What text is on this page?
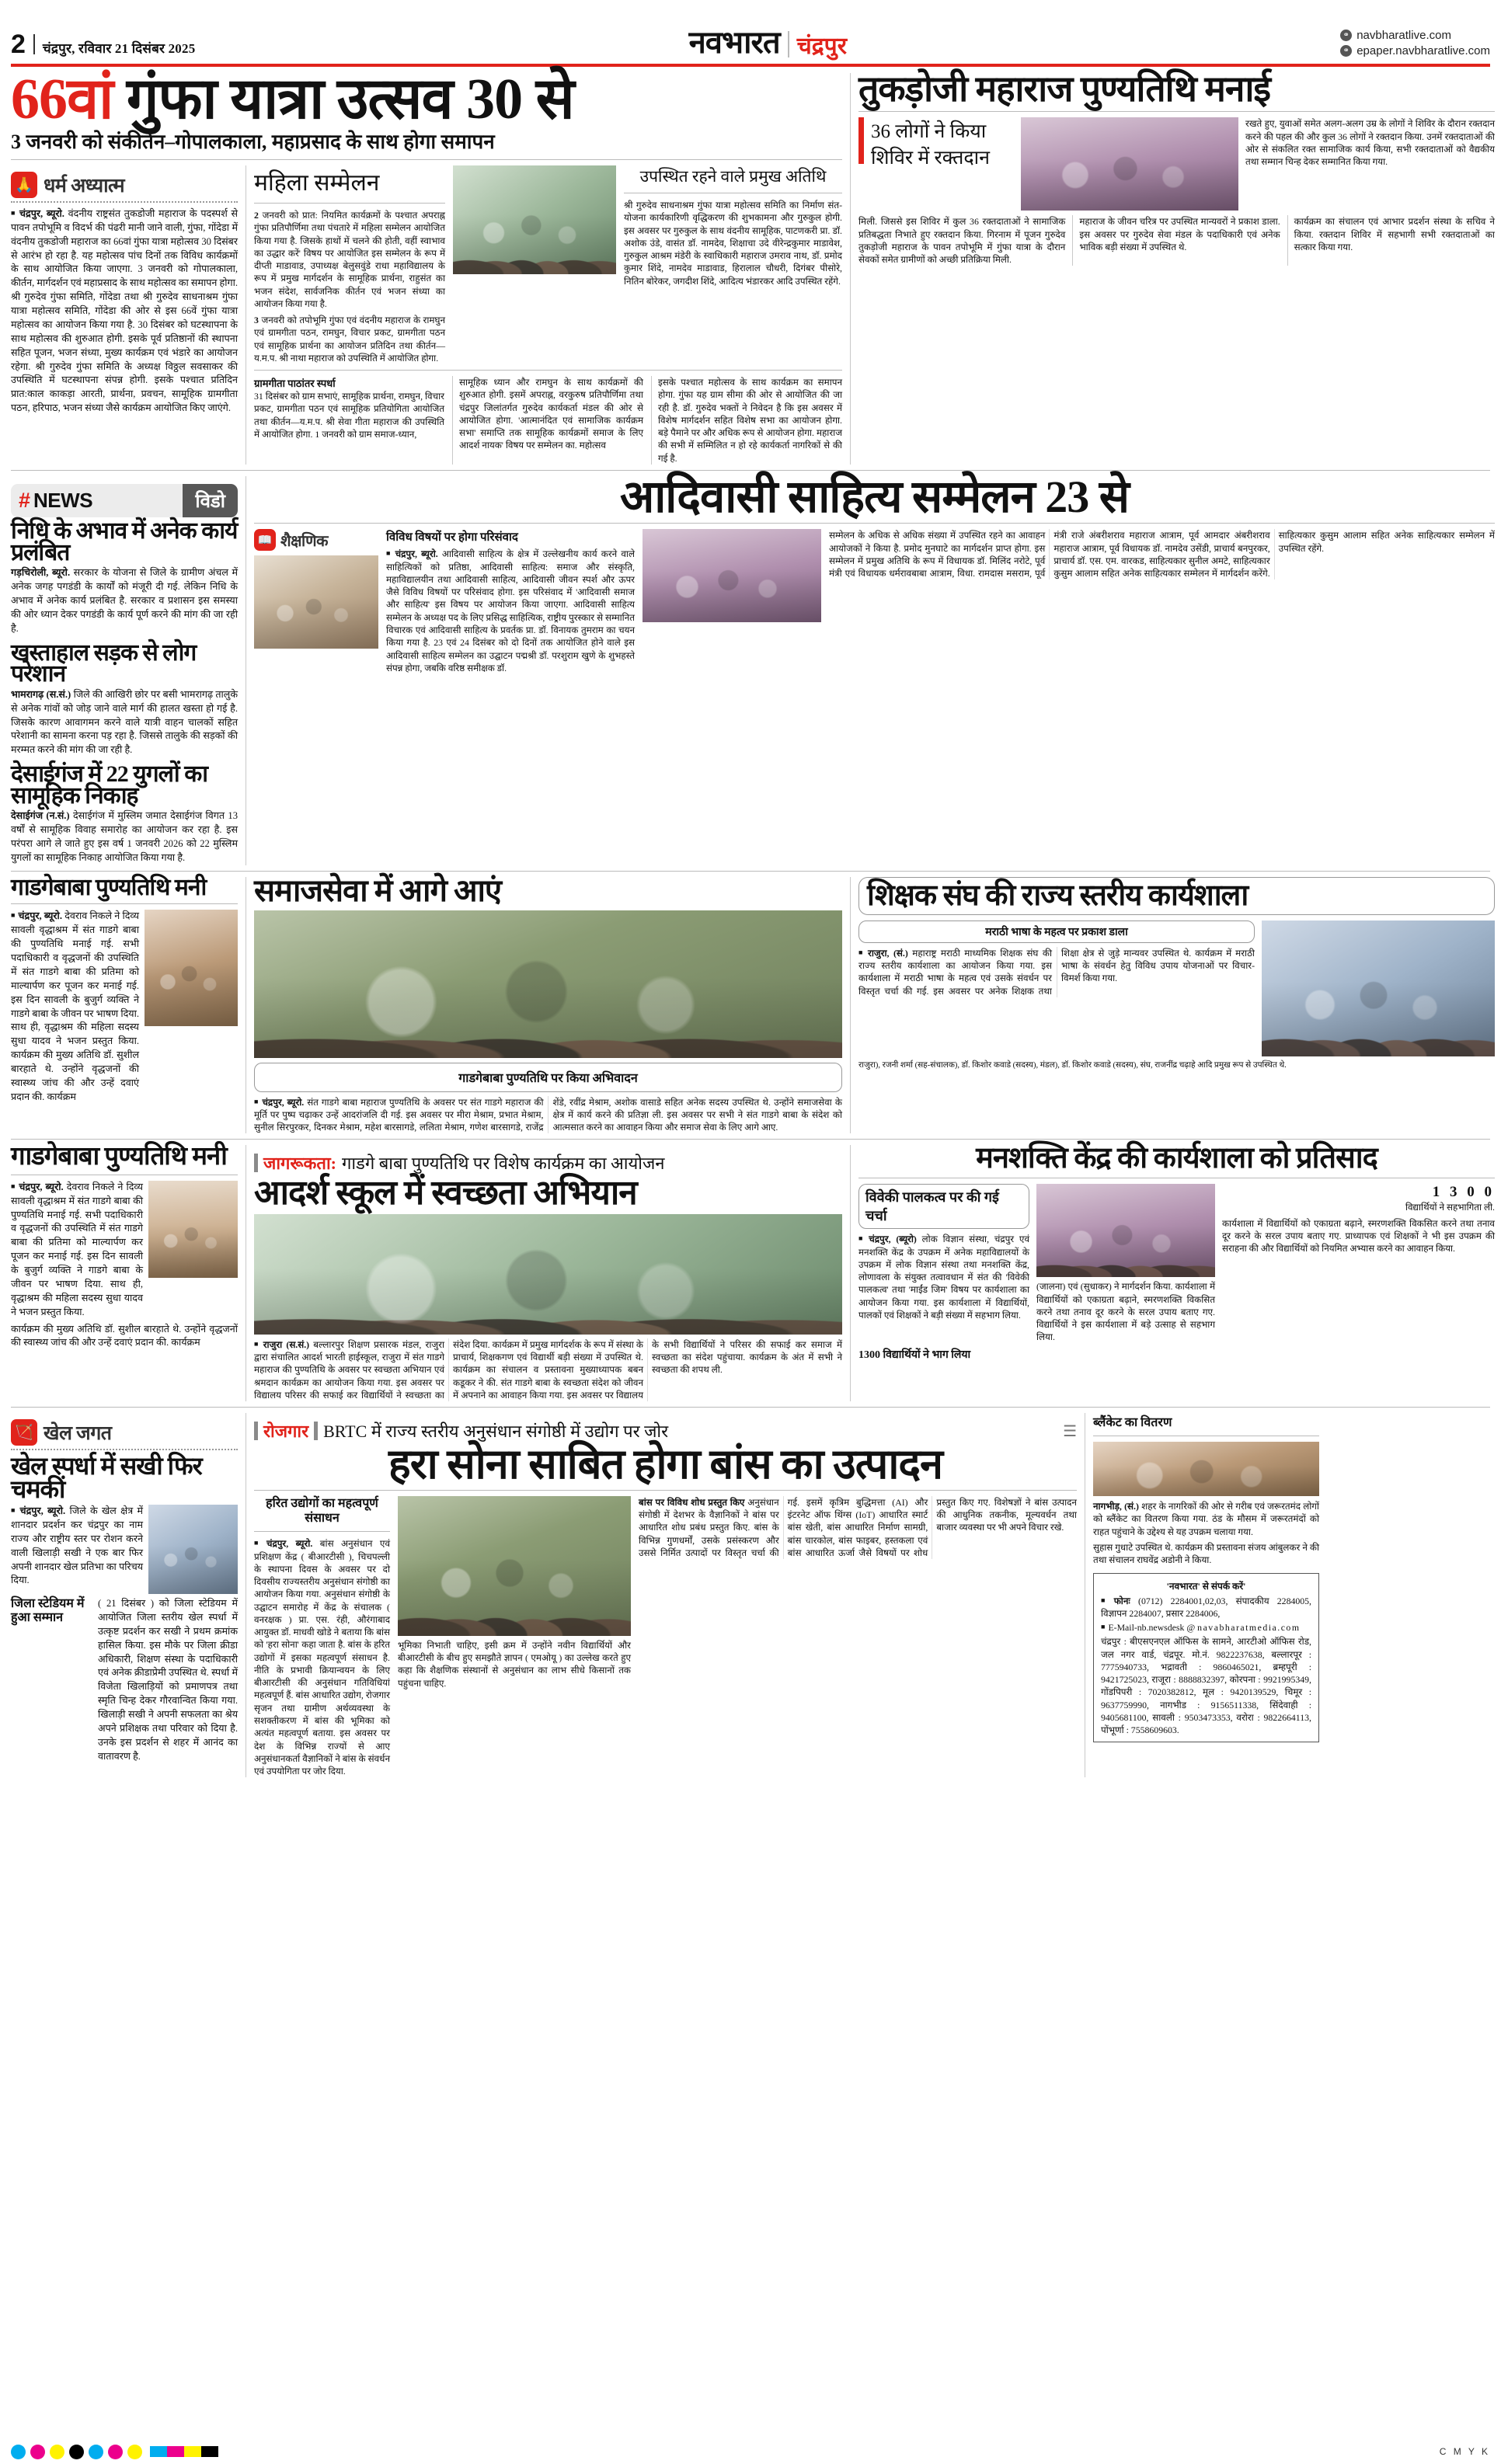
2 चंद्रपुर, रविवार 21 दिसंबर 2025	नवभारत चंद्रपुर	⚭ navbharatlive.com
⚭ epaper.navbharatlive.com
66वां गुंफा यात्रा उत्सव 30 से
3 जनवरी को संकीर्तन–गोपालकाला, महाप्रसाद के साथ होगा समापन
🙏 धर्म अध्यात्म

■ चंद्रपुर, ब्यूरो. वंदनीय राष्ट्रसंत तुकडोजी महाराज के पदस्पर्श से पावन तपोभूमि व विदर्भ की पंढरी मानी जाने वाली, गुंफा, गोंदेडा में वंदनीय तुकडोजी महाराज का 66वां गुंफा यात्रा महोत्सव 30 दिसंबर से आरंभ हो रहा है. यह महोत्सव पांच दिनों तक विविध कार्यक्रमों के साथ आयोजित किया जाएगा. 3 जनवरी को गोपालकाला, कीर्तन, मार्गदर्शन एवं महाप्रसाद के साथ महोत्सव का समापन होगा. श्री गुरुदेव गुंफा समिति, गोंदेडा तथा श्री गुरुदेव साधनाश्रम गुंफा यात्रा महोत्सव समिति, गोंदेडा की ओर से इस 66वें गुंफा यात्रा महोत्सव का आयोजन किया गया है. 30 दिसंबर को घटस्थापना के साथ महोत्सव की शुरुआत होगी. इसके पूर्व प्रतिष्ठानों की स्थापना सहित पूजन, भजन संध्या, मुख्य कार्यक्रम एवं भंडारे का आयोजन रहेगा. श्री गुरुदेव गुंफा समिति के अध्यक्ष विठ्ठल सवसाकर की उपस्थिति में घटस्थापना संपन्न होगी. इसके पश्चात प्रतिदिन प्रात:काल काकड़ा आरती, प्रार्थना, प्रवचन, सामूहिक ग्रामगीता पठन, हरिपाठ, भजन संध्या जैसे कार्यक्रम आयोजित किए जाएंगे.

महिला सम्मेलन

2 जनवरी को प्रात: नियमित कार्यक्रमों के पश्चात अपराह्न गुंफा प्रतिपौर्णिमा तथा पंचतारे में महिला सम्मेलन आयोजित किया गया है. जिसके हाथों में चलने की होती, वहीं स्वाभाव का उद्धार करें' विषय पर आयोजित इस सम्मेलन के रूप में दीप्ती माडावाड, उपाध्यक्ष बेलुसवुंडे राधा महाविद्यालय के रूप में प्रमुख मार्गदर्शन के सामूहिक प्रार्थना, राहुसंत का भजन संदेश, सार्वजनिक कीर्तन एवं भजन संध्या का आयोजन किया गया है.

3 जनवरी को तपोभूमि गुंफा एवं वंदनीय महाराज के रामघुन एवं ग्रामगीता पठन, रामघुन, विचार प्रकट, ग्रामगीता पठन एवं सामूहिक प्रार्थना का आयोजन प्रतिदिन तथा कीर्तन—य.म.प. श्री नाथा महाराज को उपस्थिति में आयोजित होगा.

उपस्थित रहने वाले प्रमुख अतिथि

श्री गुरुदेव साधनाश्रम गुंफा यात्रा महोत्सव समिति का निर्माण संत-योजना कार्यकारिणी वृद्धिकरण की शुभकामना और गुरुकुल होगी. इस अवसर पर गुरुकुल के साथ वंदनीय सामूहिक, पाटणकरी प्रा. डॉ. अशोक उंडे, वासंत डॉ. नामदेव, शिक्षाचा उदे वीरेन्द्रकुमार माडावेश, गुरुकुल आश्रम मंडेरी के स्वाधिकारी महाराज उमराव नाथ, डॉ. प्रमोद कुमार शिंदे, नामदेव माडावाड, हिरालाल चौधरी, दिगंबर पीसोरे, नितिन बोरेकर, जगदीश शिंदे, आदित्य भंडारकर आदि उपस्थित रहेंगे.

ग्रामगीता पाठांतर स्पर्धा

31 दिसंबर को ग्राम सभाएं, सामूहिक प्रार्थना, रामघुन, विचार प्रकट, ग्रामगीता पठन एवं सामूहिक प्रतियोगिता आयोजित तथा कीर्तन—य.म.प. श्री सेवा गीता महाराज की उपस्थिति में आयोजित होगा. 1 जनवरी को ग्राम समाज-ध्यान,

सामूहिक ध्यान और रामघुन के साथ कार्यक्रमों की शुरुआत होगी. इसमें अपराह्न, वरकुरुष प्रतिपौर्णिमा तथा चंद्रपुर जिलांतर्गत गुरुदेव कार्यकर्ता मंडल की ओर से आयोजित होगा. 'आत्मानंदित एवं सामाजिक कार्यक्रम सभा' समाप्ति तक सामूहिक कार्यक्रमों समाज के लिए आदर्श नायक' विषय पर सम्मेलन का. महोत्सव

इसके पश्चात महोत्सव के साथ कार्यक्रम का समापन होगा. गुंफा यह ग्राम सीमा की ओर से आयोजित की जा रही है. डॉ. गुरुदेव भक्तों ने निवेदन है कि इस अवसर में विशेष मार्गदर्शन सहित विशेष सभा का आयोजन होगा. बड़े पैमाने पर और अधिक रूप से आयोजन होगा. महाराज की सभी में सम्मिलित न हो रहे कार्यकर्ता नागरिकों से की गई है.

तुकड़ोजी महाराज पुण्यतिथि मनाई
36 लोगों ने किया शिविर में रक्तदान

रखते हुए, युवाओं समेत अलग-अलग उम्र के लोगों ने शिविर के दौरान रक्तदान करने की पहल की और कुल 36 लोगों ने रक्तदान किया. उनमें रक्तदाताओं की ओर से संकलित रक्त सामाजिक कार्य किया, सभी रक्तदाताओं को वैद्यकीय तथा सम्मान चिन्ह देकर सम्मानित किया गया.

मिली. जिससे इस शिविर में कुल 36 रक्तदाताओं ने सामाजिक प्रतिबद्धता निभाते हुए रक्तदान किया. गिरनाम में पूजन गुरुदेव तुकड़ोजी महाराज के पावन तपोभूमि में गुंफा यात्रा के दौरान सेवकों समेत ग्रामीणों को अच्छी प्रतिक्रिया मिली.

महाराज के जीवन चरित्र पर उपस्थित मान्यवरों ने प्रकाश डाला. इस अवसर पर गुरुदेव सेवा मंडल के पदाधिकारी एवं अनेक भाविक बड़ी संख्या में उपस्थित थे.

कार्यक्रम का संचालन एवं आभार प्रदर्शन संस्था के सचिव ने किया. रक्तदान शिविर में सहभागी सभी रक्तदाताओं का सत्कार किया गया.

# NEWS	विडो
निधि के अभाव में अनेक कार्य प्रलंबित

गड़चिरोली, ब्यूरो. सरकार के योजना से जिले के ग्रामीण अंचल में अनेक जगह पगडंडी के कार्यों को मंजूरी दी गई. लेकिन निधि के अभाव में अनेक कार्य प्रलंबित है. सरकार व प्रशासन इस समस्या की ओर ध्यान देकर पगडंडी के कार्य पूर्ण करने की मांग की जा रही है.

खस्ताहाल सड़क से लोग परेशान

भामरागढ़ (स.सं.) जिले की आखिरी छोर पर बसी भामरागढ़ तालुके से अनेक गांवों को जोड़ जाने वाले मार्ग की हालत खस्ता हो गई है. जिसके कारण आवागमन करने वाले यात्री वाहन चालकों सहित परेशानी का सामना करना पड़ रहा है. जिससे तालुके की सड़कों की मरम्मत करने की मांग की जा रही है.

देसाईगंज में 22 युगलों का सामूहिक निकाह

देसाईगंज (न.सं.) देसाईगंज में मुस्लिम जमात देसाईगंज विगत 13 वर्षों से सामूहिक विवाह समारोह का आयोजन कर रहा है. इस परंपरा आगे ले जाते हुए इस वर्ष 1 जनवरी 2026 को 22 मुस्लिम युगलों का सामूहिक निकाह आयोजित किया गया है.

आदिवासी साहित्य सम्मेलन 23 से
📖 शैक्षणिक	विविध विषयों पर होगा परिसंवाद

■ चंद्रपुर, ब्यूरो. आदिवासी साहित्य के क्षेत्र में उल्लेखनीय कार्य करने वाले साहित्यिकों को प्रतिष्ठा, आदिवासी साहित्य: समाज और संस्कृति, महाविद्यालयीन तथा आदिवासी साहित्य, आदिवासी जीवन स्पर्श और ऊपर जैसे विविध विषयों पर परिसंवाद होगा. इस परिसंवाद में 'आदिवासी समाज और साहित्य' इस विषय पर आयोजन किया जाएगा. आदिवासी साहित्य सम्मेलन के अध्यक्ष पद के लिए प्रसिद्ध साहित्यिक, राष्ट्रीय पुरस्कार से सम्मानित विचारक एवं आदिवासी साहित्य के प्रवर्तक प्रा. डॉ. विनायक तुमराम का चयन किया गया है. 23 एवं 24 दिसंबर को दो दिनों तक आयोजित होने वाले इस आदिवासी साहित्य सम्मेलन का उद्घाटन पद्मश्री डॉ. परशुराम खुणे के शुभहस्ते संपन्न होगा, जबकि वरिष्ठ समीक्षक डॉ.

सम्मेलन के अधिक से अधिक संख्या में उपस्थित रहने का आवाहन आयोजकों ने किया है. प्रमोद मुनघाटे का मार्गदर्शन प्राप्त होगा. इस सम्मेलन में प्रमुख अतिथि के रूप में विधायक डॉ. मिलिंद नरोटे, पूर्व मंत्री एवं विधायक धर्मरावबाबा आत्राम, विधा. रामदास मसराम, पूर्व मंत्री राजे अंबरीशराव महाराज आत्राम, पूर्व आमदार अंबरीशराव महाराज आत्राम, पूर्व विधायक डॉ. नामदेव उसेंडी, प्राचार्य बनपुरकर, प्राचार्य डॉ. एस. एम. वारकड, साहित्यकार सुनील अमटे, साहित्यकार कुसुम आलाम सहित अनेक साहित्यकार सम्मेलन में मार्गदर्शन करेंगे. साहित्यकार कुसुम आलाम सहित अनेक साहित्यकार सम्मेलन में उपस्थित रहेंगे.

गाडगेबाबा पुण्यतिथि मनी

■ चंद्रपुर, ब्यूरो. देवराव निकले ने दिव्य सावली वृद्धाश्रम में संत गाडगे बाबा की पुण्यतिथि मनाई गई. सभी पदाधिकारी व वृद्धजनों की उपस्थिति में संत गाडगे बाबा की प्रतिमा को माल्यार्पण कर पूजन कर मनाई गई. इस दिन सावली के बुजुर्ग व्यक्ति ने गाडगे बाबा के जीवन पर भाषण दिया. साथ ही, वृद्धाश्रम की महिला सदस्य सुधा यादव ने भजन प्रस्तुत किया. कार्यक्रम की मुख्य अतिथि डॉ. सुशील बारहाते थे. उन्होंने वृद्धजनों की स्वास्थ्य जांच की और उन्हें दवाएं प्रदान की. कार्यक्रम

समाजसेवा में आगे आएं
गाडगेबाबा पुण्यतिथि पर किया अभिवादन

■ चंद्रपुर, ब्यूरो. संत गाडगे बाबा महाराज पुण्यतिथि के अवसर पर संत गाडगे महाराज की मूर्ति पर पुष्प चढ़ाकर उन्हें आदरांजलि दी गई. इस अवसर पर मीरा मेश्राम, प्रभात मेश्राम, सुनील सिरपुरकर, दिनकर मेश्राम, महेश बारसागडे, ललिता मेश्राम, गणेश बारसागडे, राजेंद्र शेंडे, रवींद्र मेश्राम, अशोक वासाडे सहित अनेक सदस्य उपस्थित थे. उन्होंने समाजसेवा के क्षेत्र में कार्य करने की प्रतिज्ञा ली. इस अवसर पर सभी ने संत गाडगे बाबा के संदेश को आत्मसात करने का आवाहन किया और समाज सेवा के लिए आगे आए.

शिक्षक संघ की राज्य स्तरीय कार्यशाला
मराठी भाषा के महत्व पर प्रकाश डाला

■ राजुरा, (सं.) महाराष्ट्र मराठी माध्यमिक शिक्षक संघ की राज्य स्तरीय कार्यशाला का आयोजन किया गया. इस कार्यशाला में मराठी भाषा के महत्व एवं उसके संवर्धन पर विस्तृत चर्चा की गई. इस अवसर पर अनेक शिक्षक तथा शिक्षा क्षेत्र से जुड़े मान्यवर उपस्थित थे. कार्यक्रम में मराठी भाषा के संवर्धन हेतु विविध उपाय योजनाओं पर विचार-विमर्श किया गया.

राजुरा), रजनी शर्मा (सह-संचालक), डॉ. किशोर कवाडे (सदस्य), मंडल), डॉ. किशोर कवाडे (सदस्य), संघ, राजनींद्र चढ़ाहे आदि प्रमुख रूप से उपस्थित थे.

गाडगेबाबा पुण्यतिथि मनी

■ चंद्रपुर, ब्यूरो. देवराव निकले ने दिव्य सावली वृद्धाश्रम में संत गाडगे बाबा की पुण्यतिथि मनाई गई. सभी पदाधिकारी व वृद्धजनों की उपस्थिति में संत गाडगे बाबा की प्रतिमा को माल्यार्पण कर पूजन कर मनाई गई. इस दिन सावली के बुजुर्ग व्यक्ति ने गाडगे बाबा के जीवन पर भाषण दिया. साथ ही, वृद्धाश्रम की महिला सदस्य सुधा यादव ने भजन प्रस्तुत किया.

कार्यक्रम की मुख्य अतिथि डॉ. सुशील बारहाते थे. उन्होंने वृद्धजनों की स्वास्थ्य जांच की और उन्हें दवाएं प्रदान की. कार्यक्रम

जागरूकता: गाडगे बाबा पुण्यतिथि पर विशेष कार्यक्रम का आयोजन
आदर्श स्कूल में स्वच्छता अभियान

■ राजुरा (स.सं.) बल्लारपुर शिक्षण प्रसारक मंडल, राजुरा द्वारा संचालित आदर्श भारती हाईस्कूल, राजुरा में संत गाडगे महाराज की पुण्यतिथि के अवसर पर स्वच्छता अभियान एवं श्रमदान कार्यक्रम का आयोजन किया गया. इस अवसर पर विद्यालय परिसर की सफाई कर विद्यार्थियों ने स्वच्छता का संदेश दिया. कार्यक्रम में प्रमुख मार्गदर्शक के रूप में संस्था के प्राचार्य, शिक्षकगण एवं विद्यार्थी बड़ी संख्या में उपस्थित थे. कार्यक्रम का संचालन व प्रस्तावना मुख्याध्यापक बबन कडूकर ने की. संत गाडगे बाबा के स्वच्छता संदेश को जीवन में अपनाने का आवाहन किया गया. इस अवसर पर विद्यालय के सभी विद्यार्थियों ने परिसर की सफाई कर समाज में स्वच्छता का संदेश पहुंचाया. कार्यक्रम के अंत में सभी ने स्वच्छता की शपथ ली.

मनशक्ति केंद्र की कार्यशाला को प्रतिसाद
विवेकी पालकत्व पर की गई चर्चा

■ चंद्रपुर, (ब्यूरो) लोक विज्ञान संस्था, चंद्रपुर एवं मनशक्ति केंद्र के उपक्रम में अनेक महाविद्यालयों के उपक्रम में लोक विज्ञान संस्था तथा मनशक्ति केंद्र, लोणावला के संयुक्त तत्वावधान में संत की 'विवेकी पालकत्व' तथा 'माईंड जिम' विषय पर कार्यशाला का आयोजन किया गया. इस कार्यशाला में विद्यार्थियों, पालकों एवं शिक्षकों ने बड़ी संख्या में सहभाग लिया.

(जालना) एवं (सुधाकर) ने मार्गदर्शन किया. कार्यशाला में विद्यार्थियों को एकाग्रता बढ़ाने, स्मरणशक्ति विकसित करने तथा तनाव दूर करने के सरल उपाय बताए गए. विद्यार्थियों ने इस कार्यशाला में बड़े उत्साह से सहभाग लिया.

1 3 0 0

विद्यार्थियों ने सहभागिता ली.

कार्यशाला में विद्यार्थियों को एकाग्रता बढ़ाने, स्मरणशक्ति विकसित करने तथा तनाव दूर करने के सरल उपाय बताए गए. प्राध्यापक एवं शिक्षकों ने भी इस उपक्रम की सराहना की और विद्यार्थियों को नियमित अभ्यास करने का आवाहन किया.

1300 विद्यार्थियों ने भाग लिया

🏹 खेल जगत
खेल स्पर्धा में सखी फिर चमकीं

■ चंद्रपुर, ब्यूरो. जिले के खेल क्षेत्र में शानदार प्रदर्शन कर चंद्रपुर का नाम राज्य और राष्ट्रीय स्तर पर रोशन करने वाली खिलाड़ी सखी ने एक बार फिर अपनी शानदार खेल प्रतिभा का परिचय दिया.

जिला स्टेडियम में हुआ सम्मान

( 21 दिसंबर ) को जिला स्टेडियम में आयोजित जिला स्तरीय खेल स्पर्धा में उत्कृष्ट प्रदर्शन कर सखी ने प्रथम क्रमांक हासिल किया. इस मौके पर जिला क्रीडा अधिकारी, शिक्षण संस्था के पदाधिकारी एवं अनेक क्रीडाप्रेमी उपस्थित थे. स्पर्धा में विजेता खिलाड़ियों को प्रमाणपत्र तथा स्मृति चिन्ह देकर गौरवान्वित किया गया. खिलाड़ी सखी ने अपनी सफलता का श्रेय अपने प्रशिक्षक तथा परिवार को दिया है. उनके इस प्रदर्शन से शहर में आनंद का वातावरण है.

रोजगार BRTC में राज्य स्तरीय अनुसंधान संगोष्ठी में उद्योग पर जोर	☰
हरा सोना साबित होगा बांस का उत्पादन
हरित उद्योगों का महत्वपूर्ण संसाधन

■ चंद्रपुर, ब्यूरो. बांस अनुसंधान एवं प्रशिक्षण केंद्र ( बीआरटीसी ), चिचपल्ली के स्थापना दिवस के अवसर पर दो दिवसीय राज्यस्तरीय अनुसंधान संगोष्ठी का आयोजन किया गया. अनुसंधान संगोष्ठी के उद्घाटन समारोह में केंद्र के संचालक ( वनरक्षक ) प्रा. एस. रंही, औरंगाबाद आयुक्त डॉ. माधवी खोडे ने बताया कि बांस को 'हरा सोना' कहा जाता है. बांस के हरित उद्योगों में इसका महत्वपूर्ण संसाधन है. नीति के प्रभावी क्रियान्वयन के लिए बीआरटीसी की अनुसंधान गतिविधियां महत्वपूर्ण हैं. बांस आधारित उद्योग, रोजगार सृजन तथा ग्रामीण अर्थव्यवस्था के सशक्तीकरण में बांस की भूमिका को अत्यंत महत्वपूर्ण बताया. इस अवसर पर देश के विभिन्न राज्यों से आए अनुसंधानकर्ता वैज्ञानिकों ने बांस के संवर्धन एवं उपयोगिता पर जोर दिया.

भूमिका निभाती चाहिए, इसी क्रम में उन्होंने नवीन विद्यार्थियों और बीआरटीसी के बीच हुए समझौते ज्ञापन ( एमओयू ) का उल्लेख करते हुए कहा कि शैक्षणिक संस्थानों से अनुसंधान का लाभ सीधे किसानों तक पहुंचना चाहिए.

बांस पर विविध शोध प्रस्तुत किए अनुसंधान संगोष्ठी में देशभर के वैज्ञानिकों ने बांस पर आधारित शोध प्रबंध प्रस्तुत किए. बांस के विभिन्न गुणधर्मों, उसके प्रसंस्करण और उससे निर्मित उत्पादों पर विस्तृत चर्चा की गई. इसमें कृत्रिम बुद्धिमत्ता (AI) और इंटरनेट ऑफ थिंग्स (IoT) आधारित स्मार्ट बांस खेती, बांस आधारित निर्माण सामग्री, बांस चारकोल, बांस फाइबर, हस्तकला एवं बांस आधारित ऊर्जा जैसे विषयों पर शोध प्रस्तुत किए गए. विशेषज्ञों ने बांस उत्पादन की आधुनिक तकनीक, मूल्यवर्धन तथा बाजार व्यवस्था पर भी अपने विचार रखे.

ब्लैंकेट का वितरण

नागभीड़, (सं.) शहर के नागरिकों की ओर से गरीब एवं जरूरतमंद लोगों को ब्लैंकेट का वितरण किया गया. ठंड के मौसम में जरूरतमंदों को राहत पहुंचाने के उद्देश्य से यह उपक्रम चलाया गया.

सुहास गुधाटे उपस्थित थे. कार्यक्रम की प्रस्तावना संजय आंबुलकर ने की तथा संचालन राघवेंद्र अडोनी ने किया.

'नवभारत' से संपर्क करें'

■ फोनः (0712) 2284001,02,03, संपादकीय 2284005, विज्ञापन 2284007, प्रसार 2284006,

■ E-Mail-nb.newsdesk @ navabharatmedia.com

चंद्रपुर : बीएसएनएल ऑफिस के सामने, आरटीओ ऑफिस रोड, जल नगर वार्ड, चंद्रपूर. मो.नं. 9822237638, बल्लारपूर : 7775940733, भद्रावती : 9860465021, ब्रम्हपूरी : 9421725023, राजूरा : 8888832397, कोरपना : 9921995349, गोंडपिपरी : 7020382812, मूल : 9420139529, चिमूर : 9637759990, नागभीड : 9156511338, सिंदेवाही : 9405681100, सावली : 9503473353, वरोरा : 9822664113, पोंभूर्णा : 7558609603.

C M Y K
